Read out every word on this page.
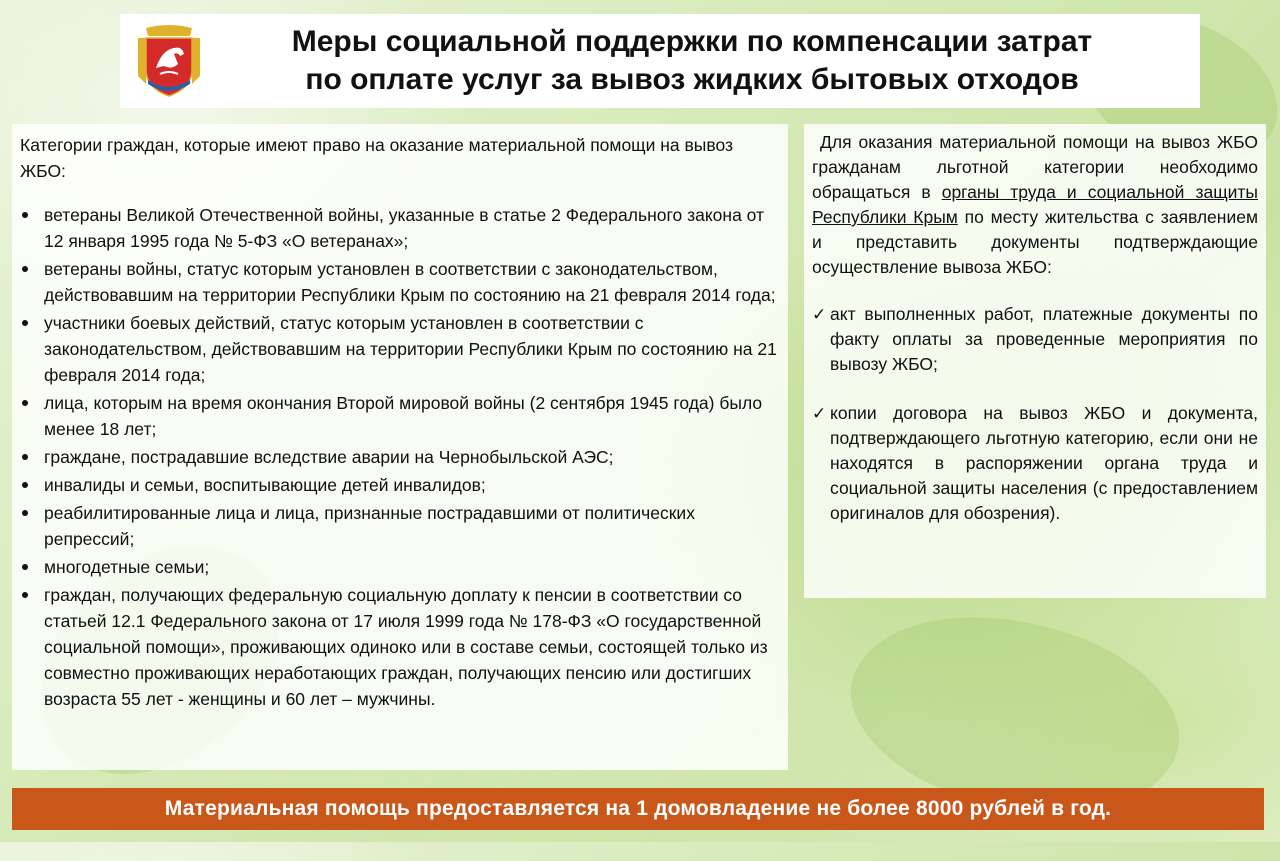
Меры социальной поддержки по компенсации затрат
по оплате услуг за вывоз жидких бытовых отходов

Категории граждан, которые имеют право на оказание материальной помощи на вывоз ЖБО:

ветераны Великой Отечественной войны, указанные в статье 2 Федерального закона от 12 января 1995 года № 5-ФЗ «О ветеранах»;
ветераны войны, статус которым установлен в соответствии с законодательством, действовавшим на территории Республики Крым по состоянию на 21 февраля 2014 года;
участники боевых действий, статус которым установлен в соответствии с законодательством, действовавшим на территории Республики Крым по состоянию на 21 февраля 2014 года;
лица, которым на время окончания Второй мировой войны (2 сентября 1945 года) было менее 18 лет;
граждане, пострадавшие вследствие аварии на Чернобыльской АЭС;
инвалиды и семьи, воспитывающие детей инвалидов;
реабилитированные лица и лица, признанные пострадавшими от политических репрессий;
многодетные семьи;
граждан, получающих федеральную социальную доплату к пенсии в соответствии со статьей 12.1 Федерального закона от 17 июля 1999 года № 178-ФЗ «О государственной социальной помощи», проживающих одиноко или в составе семьи, состоящей только из совместно проживающих неработающих граждан, получающих пенсию или достигших возраста 55 лет - женщины и 60 лет – мужчины.

Для оказания материальной помощи на вывоз ЖБО гражданам льготной категории необходимо обращаться в органы труда и социальной защиты Республики Крым по месту жительства с заявлением и представить документы подтверждающие осуществление вывоза ЖБО:

✓ акт выполненных работ, платежные документы по факту оплаты за проведенные мероприятия по вывозу ЖБО;
✓ копии договора на вывоз ЖБО и документа, подтверждающего льготную категорию, если они не находятся в распоряжении органа труда и социальной защиты населения (с предоставлением оригиналов для обозрения).
Материальная помощь предоставляется на 1 домовладение не более 8000 рублей в год.
